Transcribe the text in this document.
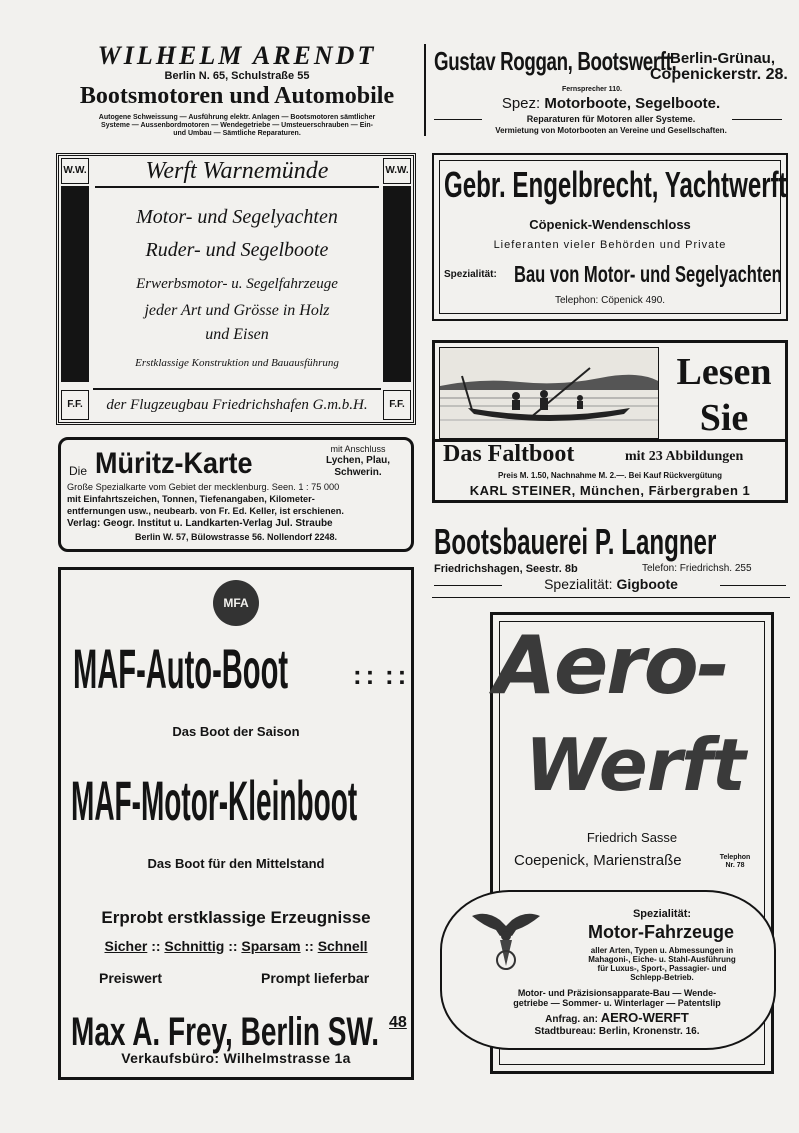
WILHELM ARENDT
Berlin N. 65, Schulstraße 55
Bootsmotoren und Automobile
Autogene Schweissung — Ausführung elektr. Anlagen — Bootsmotoren sämtlicher
Systeme — Aussenbordmotoren — Wendegetriebe — Umsteuerschrauben — Ein-
und Umbau — Sämtliche Reparaturen.
Gustav Roggan, Bootswerft,
Berlin-Grünau,
Cöpenickerstr. 28.
Fernsprecher 110.
Spez: Motorboote, Segelboote.
Reparaturen für Motoren aller Systeme.
Vermietung von Motorbooten an Vereine und Gesellschaften.
W.W.	W.W.
Werft Warnemünde
Motor- und Segelyachten
Ruder- und Segelboote
Erwerbsmotor- u. Segelfahrzeuge
jeder Art und Grösse in Holz
und Eisen
Erstklassige Konstruktion und Bauausführung
F.F.	F.F.
der Flugzeugbau Friedrichshafen G.m.b.H.
Gebr. Engelbrecht, Yachtwerft
Cöpenick-Wendenschloss
Lieferanten vieler Behörden und Private
Spezialität: Bau von Motor- und Segelyachten
Telephon: Cöpenick 490.
Lesen
Sie
Das Faltboot	mit 23 Abbildungen
Preis M. 1.50, Nachnahme M. 2.—. Bei Kauf Rückvergütung
KARL STEINER, München, Färbergraben 1
Die Müritz-Karte	mit Anschluss
Lychen, Plau,
Schwerin.
Große Spezialkarte vom Gebiet der mecklenburg. Seen. 1 : 75 000
mit Einfahrtszeichen, Tonnen, Tiefenangaben, Kilometer-
entfernungen usw., neubearb. von Fr. Ed. Keller, ist erschienen.
Verlag: Geogr. Institut u. Landkarten-Verlag Jul. Straube
Berlin W. 57, Bülowstrasse 56. Nollendorf 2248.	Bootsbauerei P. Langner
Friedrichshagen, Seestr. 8b	Telefon: Friedrichsh. 255
Spezialität: Gigboote
MFA
MAF-Auto-Boot :: ::
Das Boot der Saison
MAF-Motor-Kleinboot
Das Boot für den Mittelstand
Erprobt erstklassige Erzeugnisse
Sicher :: Schnittig :: Sparsam :: Schnell
Preiswert	Prompt lieferbar
Max A. Frey, Berlin SW. 48
Verkaufsbüro: Wilhelmstrasse 1a
Aero-
Werft
Friedrich Sasse
Coepenick, Marienstraße	Telephon
Nr. 78
Spezialität:
Motor-Fahrzeuge
aller Arten, Typen u. Abmessungen in
Mahagoni-, Eiche- u. Stahl-Ausführung
für Luxus-, Sport-, Passagier- und
Schlepp-Betrieb.
Motor- und Präzisionsapparate-Bau — Wende-
getriebe — Sommer- u. Winterlager — Patentslip
Anfrag. an: AERO-WERFT
Stadtbureau: Berlin, Kronenstr. 16.
